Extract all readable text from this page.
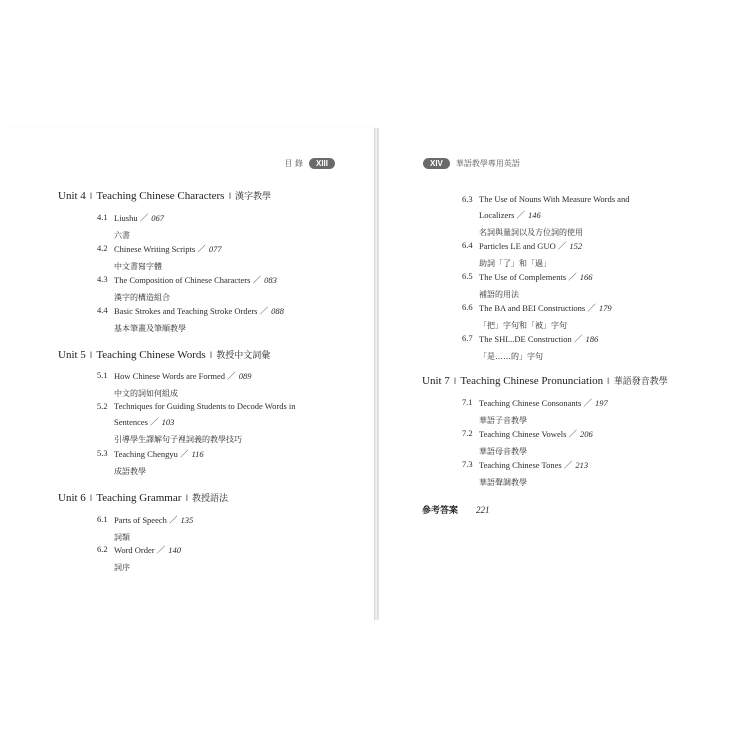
目 錄	XIII
Unit 4 ‖ Teaching Chinese Characters ‖ 漢字教學
4.1 Liushu ／ 067
六書
4.2 Chinese Writing Scripts ／ 077
中文書寫字體
4.3 The Composition of Chinese Characters ／ 083
漢字的構造組合
4.4 Basic Strokes and Teaching Stroke Orders ／ 088
基本筆畫及筆順教學
Unit 5 ‖ Teaching Chinese Words ‖ 教授中文詞彙
5.1 How Chinese Words are Formed ／ 089
中文的詞如何組成
5.2 Techniques for Guiding Students to Decode Words in
Sentences ／ 103
引導學生譯解句子裡詞義的教學技巧
5.3 Teaching Chengyu ／ 116
成語教學
Unit 6 ‖ Teaching Grammar ‖ 教授語法
6.1 Parts of Speech ／ 135
詞類
6.2 Word Order ／ 140
詞序
XIV	華語教學專用英語
6.3 The Use of Nouns With Measure Words and
Localizers ／ 146
名詞與量詞以及方位詞的使用
6.4 Particles LE and GUO ／ 152
助詞「了」和「過」
6.5 The Use of Complements ／ 166
補語的用法
6.6 The BA and BEI Constructions ／ 179
「把」字句和「被」字句
6.7 The SHI...DE Construction ／ 186
「是……的」字句
Unit 7 ‖ Teaching Chinese Pronunciation ‖ 華語發音教學
7.1 Teaching Chinese Consonants ／ 197
華語子音教學
7.2 Teaching Chinese Vowels ／ 206
華語母音教學
7.3 Teaching Chinese Tones ／ 213
華語聲調教學
參考答案 221
